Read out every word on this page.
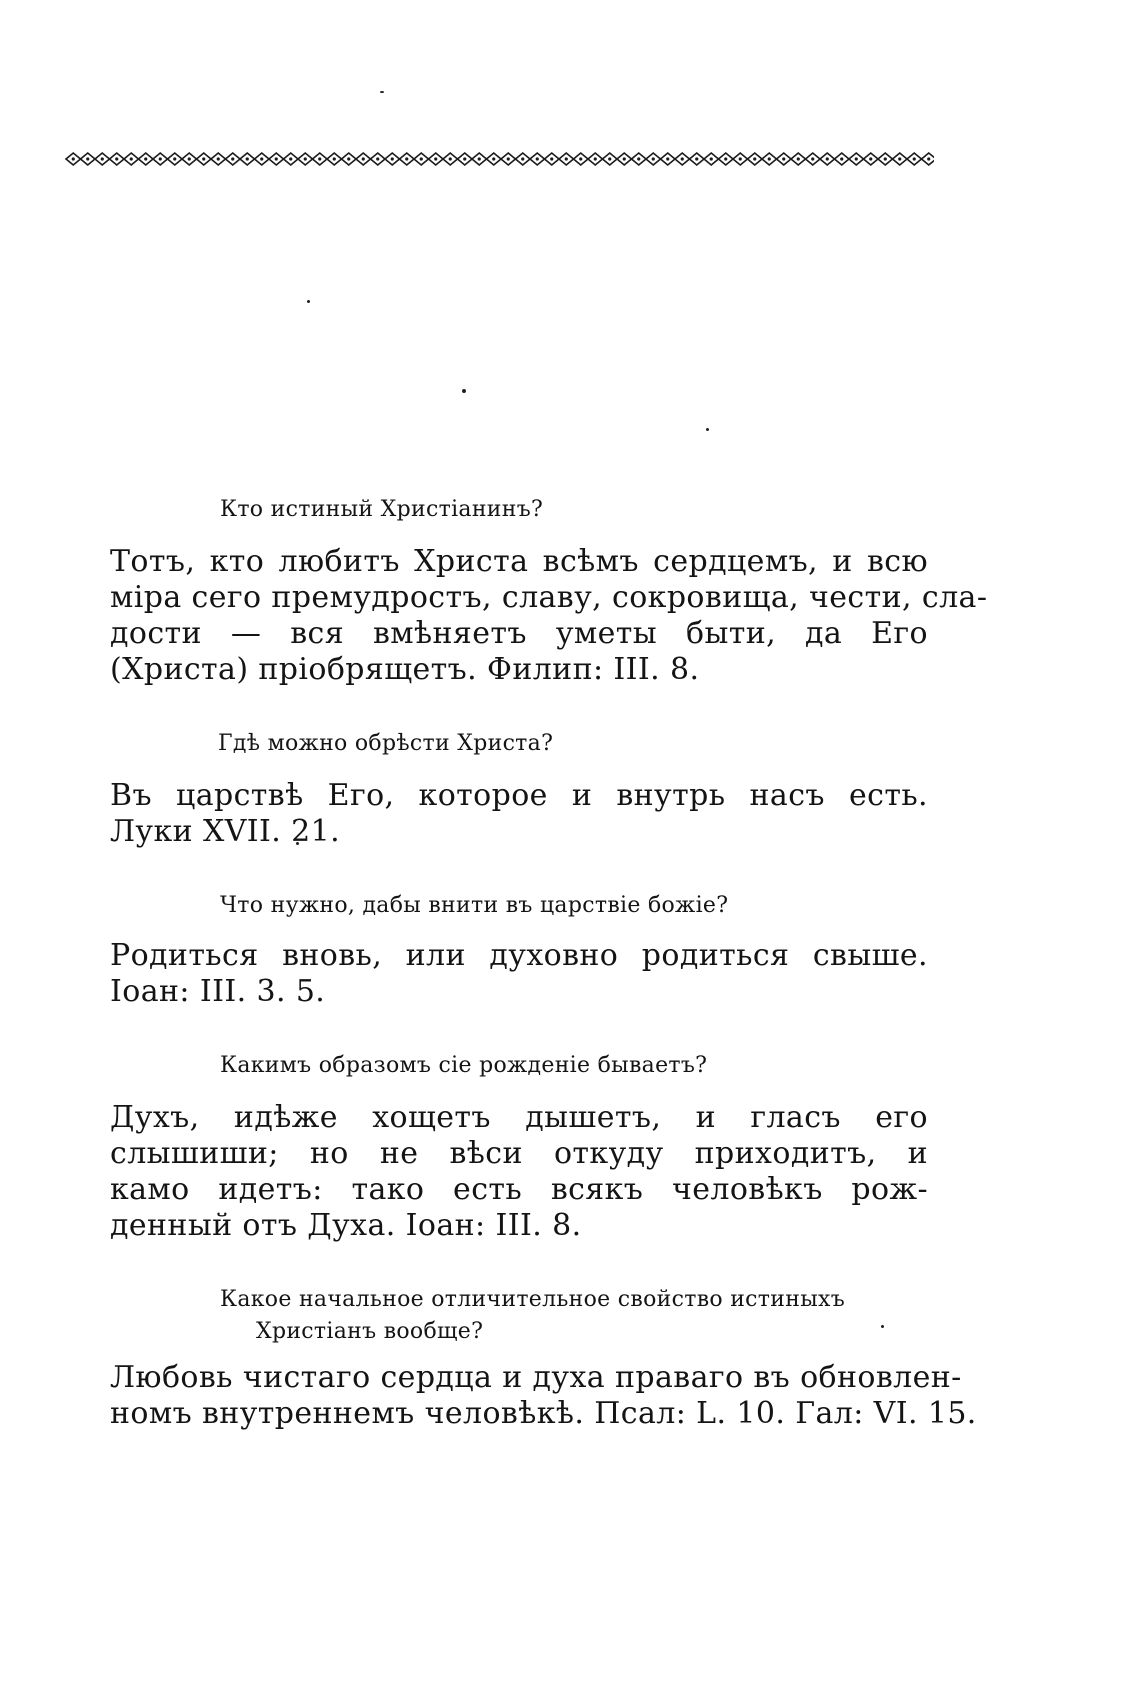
Кто истиный Христіанинъ?
Тотъ, кто любитъ Христа всѣмъ сердцемъ, и всю
міра сего премудростъ, славу, сокровища, чести, сла-
дости — вся вмѣняетъ уметы быти, да Его
(Христа) пріобрящетъ. Филип: III. 8.
Гдѣ можно обрѣсти Христа?
Въ царствѣ Его, которое и внутрь насъ есть.
Луки XVII. 21.
Что нужно, дабы внити въ царствіе божіе?
Родиться вновь, или духовно родиться свыше.
Іоан: III. 3. 5.
Какимъ образомъ сіе рожденіе бываетъ?
Духъ, идѣже хощетъ дышетъ, и гласъ его
слышиши; но не вѣси откуду приходитъ, и
камо идетъ: тако есть всякъ человѣкъ рож-
денный отъ Духа. Іоан: III. 8.
Какое начальное отличительное свойство истиныхъ
Христіанъ вообще?
Любовь чистаго сердца и духа праваго въ обновлен-
номъ внутреннемъ человѣкѣ. Псал: L. 10. Гал: VI. 15.
